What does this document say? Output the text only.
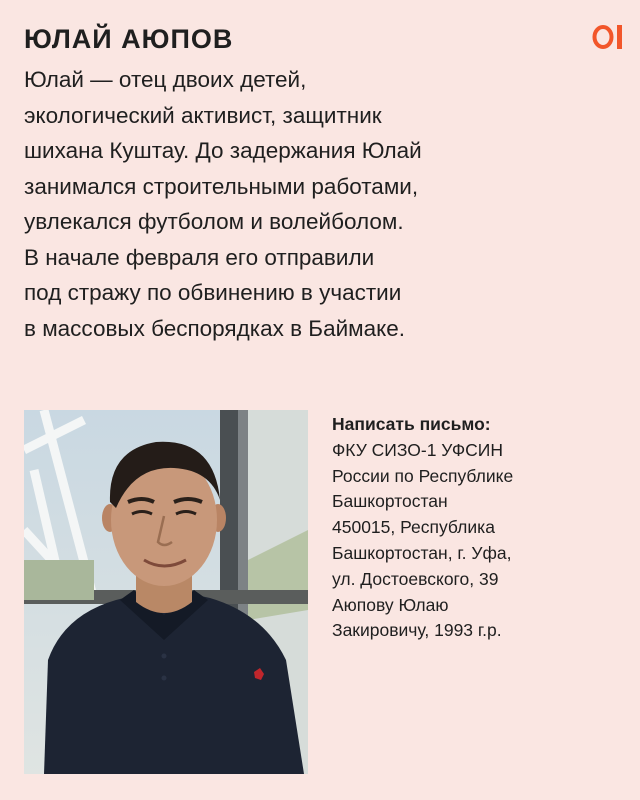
ЮЛАЙ АЮПОВ
Юлай — отец двоих детей,
экологический активист, защитник
шихана Куштау. До задержания Юлай
занимался строительными работами,
увлекался футболом и волейболом.
В начале февраля его отправили
под стражу по обвинению в участии
в массовых беспорядках в Баймаке.
Написать письмо:
ФКУ СИЗО-1 УФСИН
России по Республике
Башкортостан
450015, Республика
Башкортостан, г. Уфа,
ул. Достоевского, 39
Аюпову Юлаю
Закировичу, 1993 г.р.
